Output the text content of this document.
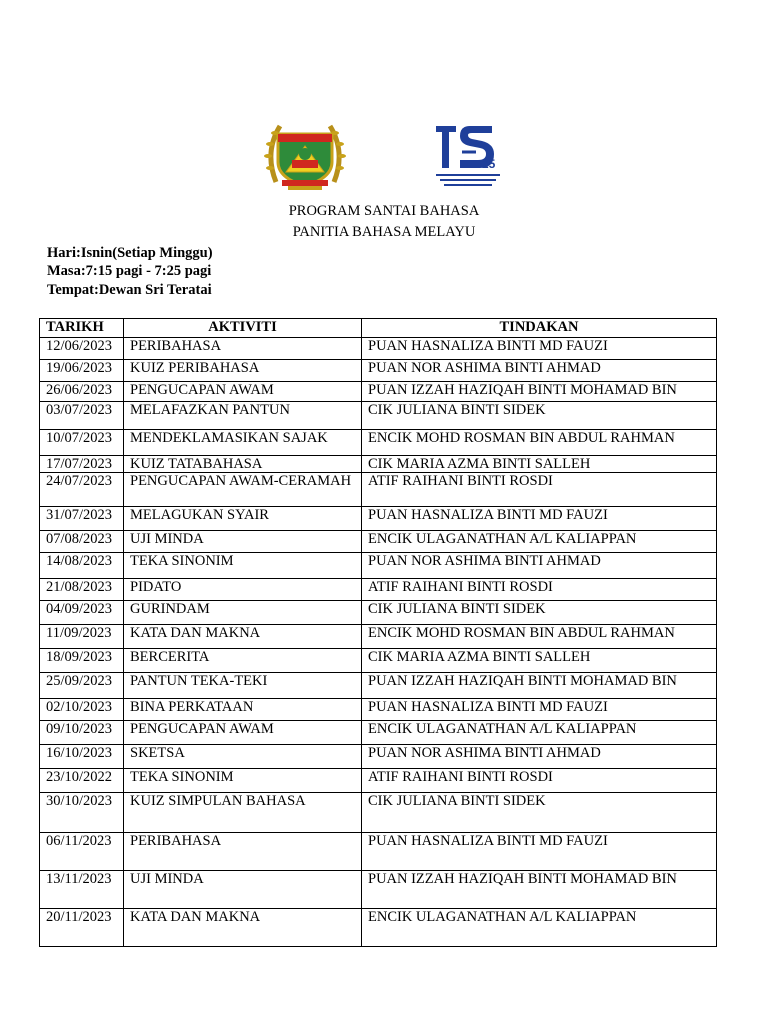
25
PROGRAM SANTAI BAHASA
PANITIA BAHASA MELAYU
Hari:Isnin(Setiap Minggu)
Masa:7:15 pagi - 7:25 pagi
Tempat:Dewan Sri Teratai
TARIKH	AKTIVITI	TINDAKAN
12/06/2023	PERIBAHASA	PUAN HASNALIZA BINTI MD FAUZI
19/06/2023	KUIZ PERIBAHASA	PUAN NOR ASHIMA BINTI AHMAD
26/06/2023	PENGUCAPAN AWAM	PUAN IZZAH HAZIQAH BINTI MOHAMAD BIN
03/07/2023	MELAFAZKAN PANTUN	CIK JULIANA BINTI SIDEK
10/07/2023	MENDEKLAMASIKAN SAJAK	ENCIK MOHD ROSMAN BIN ABDUL RAHMAN
17/07/2023	KUIZ TATABAHASA	CIK MARIA AZMA BINTI SALLEH
24/07/2023	PENGUCAPAN AWAM-CERAMAH	ATIF RAIHANI BINTI ROSDI
31/07/2023	MELAGUKAN SYAIR	PUAN HASNALIZA BINTI MD FAUZI
07/08/2023	UJI MINDA	ENCIK ULAGANATHAN A/L KALIAPPAN
14/08/2023	TEKA SINONIM	PUAN NOR ASHIMA BINTI AHMAD
21/08/2023	PIDATO	ATIF RAIHANI BINTI ROSDI
04/09/2023	GURINDAM	CIK JULIANA BINTI SIDEK
11/09/2023	KATA DAN MAKNA	ENCIK MOHD ROSMAN BIN ABDUL RAHMAN
18/09/2023	BERCERITA	CIK MARIA AZMA BINTI SALLEH
25/09/2023	PANTUN TEKA-TEKI	PUAN IZZAH HAZIQAH BINTI MOHAMAD BIN
02/10/2023	BINA PERKATAAN	PUAN HASNALIZA BINTI MD FAUZI
09/10/2023	PENGUCAPAN AWAM	ENCIK ULAGANATHAN A/L KALIAPPAN
16/10/2023	SKETSA	PUAN NOR ASHIMA BINTI AHMAD
23/10/2022	TEKA SINONIM	ATIF RAIHANI BINTI ROSDI
30/10/2023	KUIZ SIMPULAN BAHASA	CIK JULIANA BINTI SIDEK
06/11/2023	PERIBAHASA	PUAN HASNALIZA BINTI MD FAUZI
13/11/2023	UJI MINDA	PUAN IZZAH HAZIQAH BINTI MOHAMAD BIN
20/11/2023	KATA DAN MAKNA	ENCIK ULAGANATHAN A/L KALIAPPAN
